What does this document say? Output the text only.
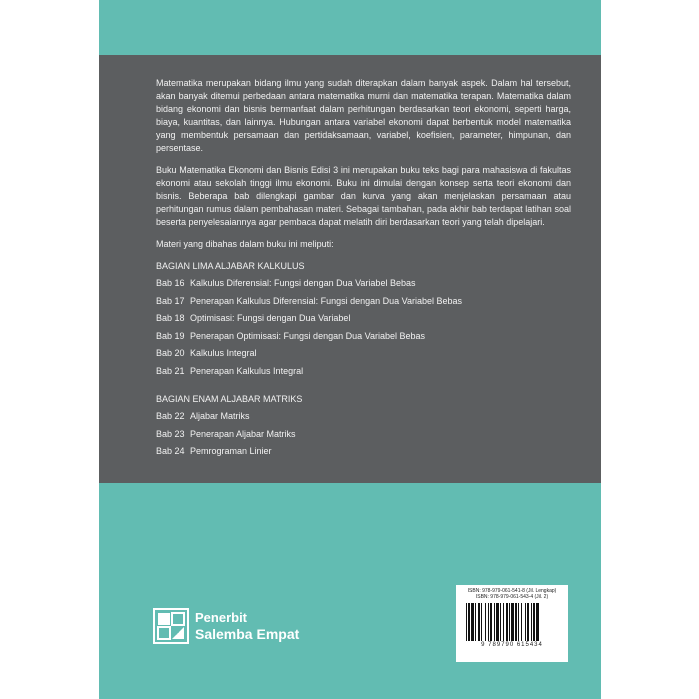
Matematika merupakan bidang ilmu yang sudah diterapkan dalam banyak aspek. Dalam hal tersebut, akan banyak ditemui perbedaan antara matematika murni dan matematika terapan. Matematika dalam bidang ekonomi dan bisnis bermanfaat dalam perhitungan berdasarkan teori ekonomi, seperti harga, biaya, kuantitas, dan lainnya. Hubungan antara variabel ekonomi dapat berbentuk model matematika yang membentuk persamaan dan pertidaksamaan, variabel, koefisien, parameter, himpunan, dan persentase.

Buku Matematika Ekonomi dan Bisnis Edisi 3 ini merupakan buku teks bagi para mahasiswa di fakultas ekonomi atau sekolah tinggi ilmu ekonomi. Buku ini dimulai dengan konsep serta teori ekonomi dan bisnis. Beberapa bab dilengkapi gambar dan kurva yang akan menjelaskan persamaan atau perhitungan rumus dalam pembahasan materi. Sebagai tambahan, pada akhir bab terdapat latihan soal beserta penyelesaiannya agar pembaca dapat melatih diri berdasarkan teori yang telah dipelajari.

Materi yang dibahas dalam buku ini meliputi:

BAGIAN LIMA ALJABAR KALKULUS
Bab 16 Kalkulus Diferensial: Fungsi dengan Dua Variabel Bebas
Bab 17 Penerapan Kalkulus Diferensial: Fungsi dengan Dua Variabel Bebas
Bab 18 Optimisasi: Fungsi dengan Dua Variabel
Bab 19 Penerapan Optimisasi: Fungsi dengan Dua Variabel Bebas
Bab 20 Kalkulus Integral
Bab 21 Penerapan Kalkulus Integral
BAGIAN ENAM ALJABAR MATRIKS
Bab 22 Aljabar Matriks
Bab 23 Penerapan Aljabar Matriks
Bab 24 Pemrograman Linier
Penerbit
Salemba Empat
ISBN: 978-979-061-541-8 (Jil. Lengkap)
ISBN: 978-979-061-543-4 (Jil. 2)
9 789790 615434
